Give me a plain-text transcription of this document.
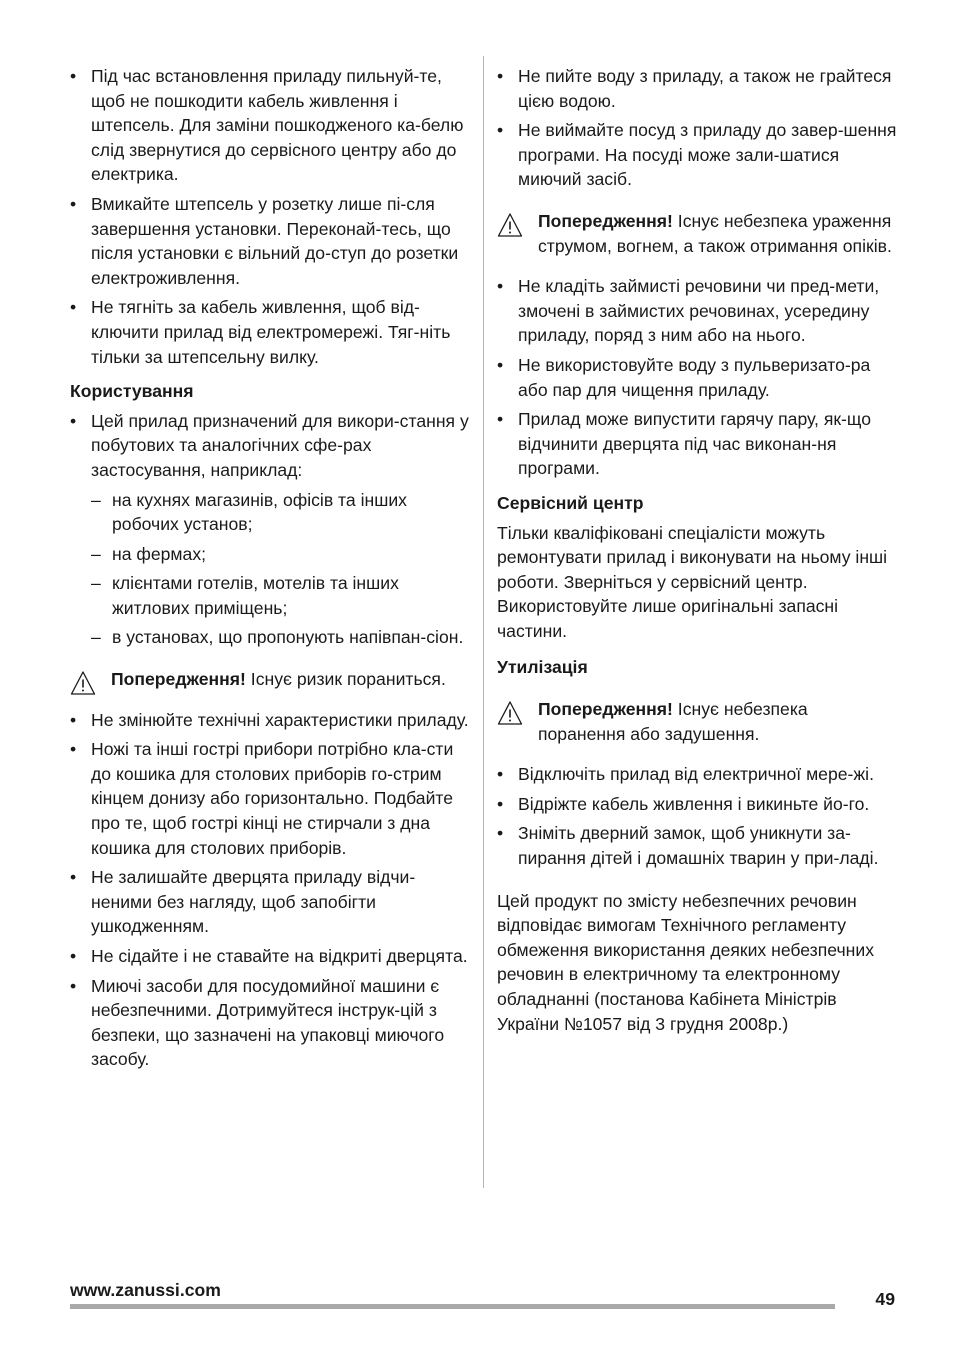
• Під час встановлення приладу пильнуй-те, щоб не пошкодити кабель живлення і штепсель. Для заміни пошкодженого ка-белю слід звернутися до сервісного центру або до електрика.
• Вмикайте штепсель у розетку лише пі-сля завершення установки. Переконай-тесь, що після установки є вільний до-ступ до розетки електроживлення.
• Не тягніть за кабель живлення, щоб від-ключити прилад від електромережі. Тяг-ніть тільки за штепсельну вилку.

Користування

• Цей прилад призначений для викори-стання у побутових та аналогічних сфе-рах застосування, наприклад:
– на кухнях магазинів, офісів та інших робочих установ;
– на фермах;
– клієнтами готелів, мотелів та інших житлових приміщень;
– в установах, що пропонують напівпан-сіон.
Попередження! Існує ризик пораниться.
• Не змінюйте технічні характеристики приладу.
• Ножі та інші гострі прибори потрібно кла-сти до кошика для столових приборів го-стрим кінцем донизу або горизонтально. Подбайте про те, щоб гострі кінці не стирчали з дна кошика для столових приборів.
• Не залишайте дверцята приладу відчи-неними без нагляду, щоб запобігти ушкодженням.
• Не сідайте і не ставайте на відкриті дверцята.
• Миючі засоби для посудомийної машини є небезпечними. Дотримуйтеся інструк-цій з безпеки, що зазначені на упаковці миючого засобу.
• Не пийте воду з приладу, а також не грайтеся цією водою.
• Не виймайте посуд з приладу до завер-шення програми. На посуді може зали-шатися миючий засіб.
Попередження! Існує небезпека ураження струмом, вогнем, а також отримання опіків.
• Не кладіть займисті речовини чи пред-мети, змочені в займистих речовинах, усередину приладу, поряд з ним або на нього.
• Не використовуйте воду з пульверизато-ра або пар для чищення приладу.
• Прилад може випустити гарячу пару, як-що відчинити дверцята під час виконан-ня програми.

Сервісний центр

Тільки кваліфіковані спеціалісти можуть ремонтувати прилад і виконувати на ньому інші роботи. Зверніться у сервісний центр. Використовуйте лише оригінальні запасні частини.

Утилізація

Попередження! Існує небезпека поранення або задушення.
• Відключіть прилад від електричної мере-жі.
• Відріжте кабель живлення і викиньте йо-го.
• Зніміть дверний замок, щоб уникнути за-пирання дітей і домашніх тварин у при-ладі.

Цей продукт по змісту небезпечних речовин відповідає вимогам Технічного регламенту обмеження використання деяких небезпечних речовин в електричному та електронному обладнанні (постанова Кабінета Міністрів України №1057 від 3 грудня 2008р.)

www.zanussi.com	49
